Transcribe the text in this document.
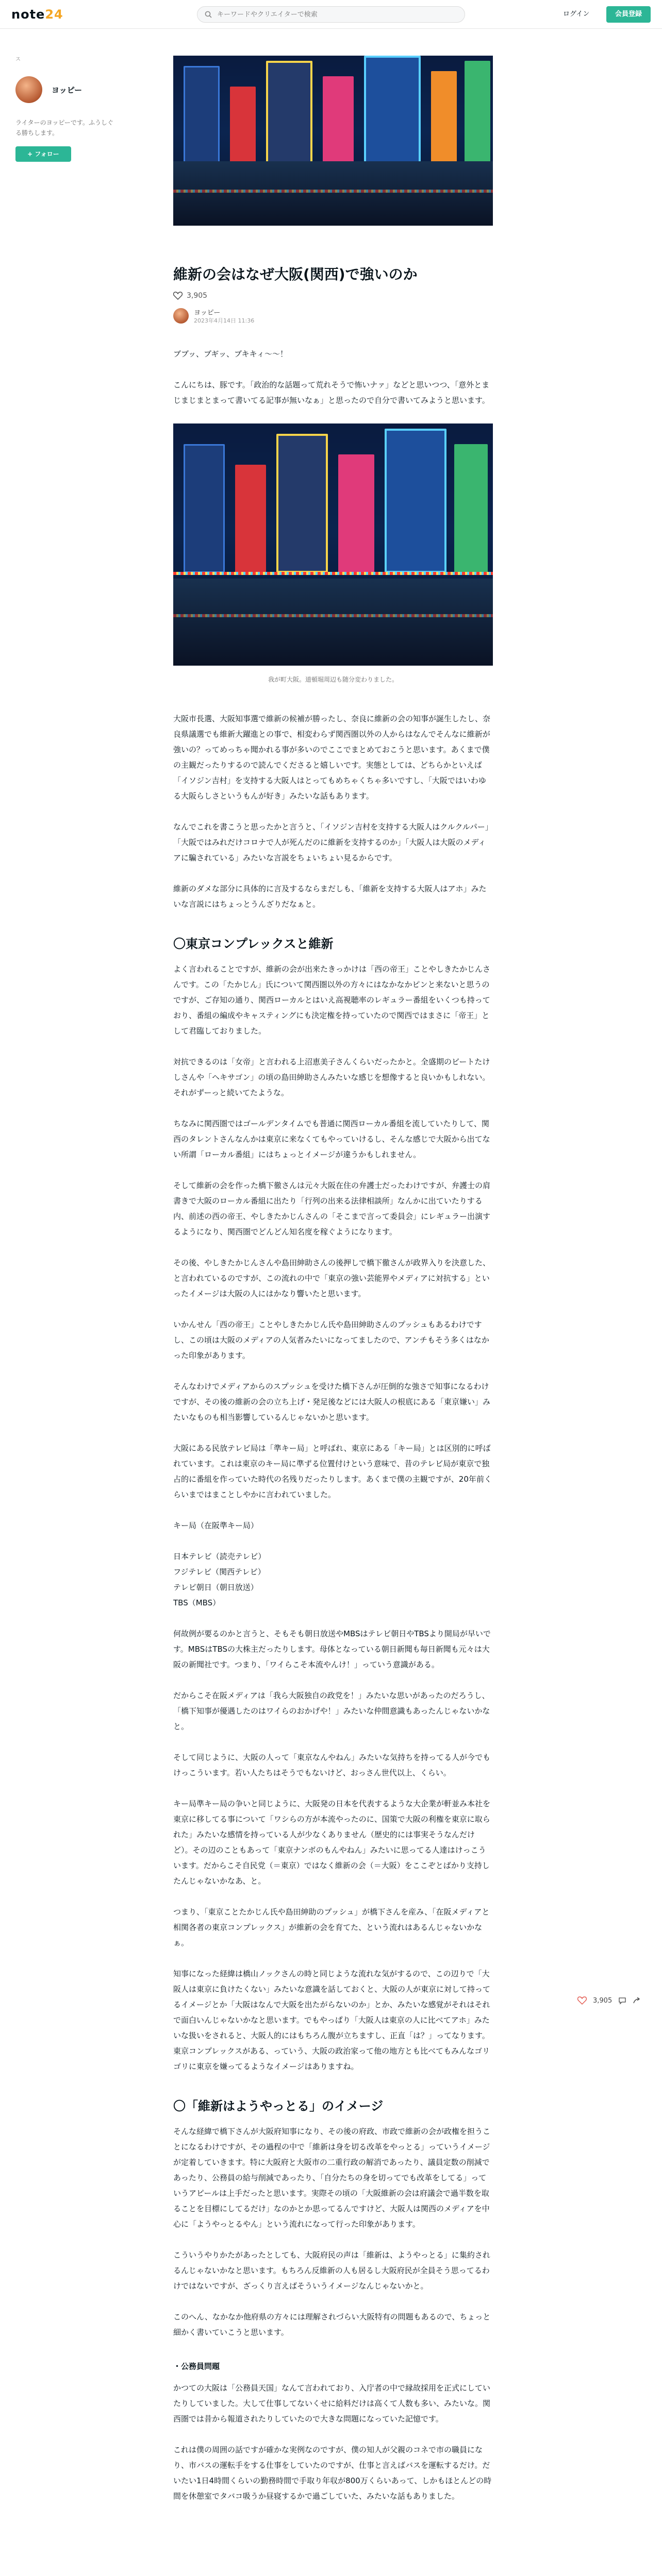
note24
キーワードやクリエイターで検索	ログイン	会員登録
ス
ヨッピー
ライターのヨッピーです。ふうしぐる勝ちします。
+ フォロー
維新の会はなぜ大阪(関西)で強いのか
3,905
ヨッピー
2023年4月14日 11:36

ブブッ、ブギッ、ブキキィ〜〜！

こんにちは、豚です。「政治的な話題って荒れそうで怖いナァ」などと思いつつ、「意外とまじまじまとまって書いてる記事が無いなぁ」と思ったので自分で書いてみようと思います。

我が町大阪。道頓堀周辺も随分変わりました。

大阪市長選、大阪知事選で維新の候補が勝ったし、奈良に維新の会の知事が誕生したし、奈良県議選でも維新大躍進との事で、相変わらず関西圏以外の人からはなんでそんなに維新が強いの？ってめっちゃ聞かれる事が多いのでここでまとめておこうと思います。あくまで僕の主観だったりするので読んでくださると嬉しいです。実態としては、どちらかといえば「イソジン吉村」を支持する大阪人はとってもめちゃくちゃ多いですし、「大阪ではいわゆる大阪らしさというもんが好き」みたいな話もあります。

なんでこれを書こうと思ったかと言うと、「イソジン吉村を支持する大阪人はクルクルパー」「大阪ではみれだけコロナで人が死んだのに維新を支持するのか」「大阪人は大阪のメディアに騙されている」みたいな言説をちょいちょい見るからです。

維新のダメな部分に具体的に言及するならまだしも、「維新を支持する大阪人はアホ」みたいな言説にはちょっとうんざりだなぁと。

〇東京コンプレックスと維新

よく言われることですが、維新の会が出来たきっかけは「西の帝王」ことやしきたかじんさんです。この「たかじん」氏について関西圏以外の方々にはなかなかピンと来ないと思うのですが、ご存知の通り、関西ローカルとはいえ高視聴率のレギュラー番組をいくつも持っており、番組の編成やキャスティングにも決定権を持っていたので関西ではまさに「帝王」として君臨しておりました。

対抗できるのは「女帝」と言われる上沼恵美子さんくらいだったかと。全盛期のビートたけしさんや「ヘキサゴン」の頃の島田紳助さんみたいな感じを想像すると良いかもしれない。それがずーっと続いてたような。

ちなみに関西圏ではゴールデンタイムでも普通に関西ローカル番組を流していたりして、関西のタレントさんなんかは東京に来なくてもやっていけるし、そんな感じで大阪から出てない所謂「ローカル番組」にはちょっとイメージが違うかもしれません。

そして維新の会を作った橋下徹さんは元々大阪在住の弁護士だったわけですが、弁護士の肩書きで大阪のローカル番組に出たり「行列の出来る法律相談所」なんかに出ていたりする内、前述の西の帝王、やしきたかじんさんの「そこまで言って委員会」にレギュラー出演するようになり、関西圏でどんどん知名度を稼ぐようになります。

その後、やしきたかじんさんや島田紳助さんの後押しで橋下徹さんが政界入りを決意した、と言われているのですが、この流れの中で「東京の強い芸能界やメディアに対抗する」といったイメージは大阪の人にはかなり響いたと思います。

いかんせん「西の帝王」ことやしきたかじん氏や島田紳助さんのプッシュもあるわけですし、この頃は大阪のメディアの人気者みたいになってましたので、アンチもそう多くはなかった印象があります。

そんなわけでメディアからのスプッシュを受けた橋下さんが圧倒的な強さで知事になるわけですが、その後の維新の会の立ち上げ・発足後などには大阪人の根底にある「東京嫌い」みたいなものも相当影響しているんじゃないかと思います。

大阪にある民放テレビ局は「準キー局」と呼ばれ、東京にある「キー局」とは区別的に呼ばれています。これは東京のキー局に準ずる位置付けという意味で、昔のテレビ局が東京で独占的に番組を作っていた時代の名残りだったりします。あくまで僕の主観ですが、20年前くらいまではまことしやかに言われていました。

キー局（在阪準キー局）

日本テレビ（読売テレビ）

フジテレビ（関西テレビ）

テレビ朝日（朝日放送）

TBS（MBS）

何故例が要るのかと言うと、そもそも朝日放送やMBSはテレビ朝日やTBSより開局が早いです。MBSはTBSの大株主だったりします。母体となっている朝日新聞も毎日新聞も元々は大阪の新聞社です。つまり、「ワイらこそ本流やんけ！」っていう意識がある。

だからこそ在阪メディアは「我ら大阪独自の政党を！」みたいな思いがあったのだろうし、「橋下知事が優遇したのはワイらのおかげや！」みたいな仲間意識もあったんじゃないかなと。

そして同じように、大阪の人って「東京なんやねん」みたいな気持ちを持ってる人が今でもけっこういます。若い人たちはそうでもないけど、おっさん世代以上、くらい。

キー局準キー局の争いと同じように、大阪発の日本を代表するような大企業が軒並み本社を東京に移してる事について「ワシらの方が本流やったのに、国策で大阪の利権を東京に取られた」みたいな感情を持っている人が少なくありません（歴史的には事実そうなんだけど）。その辺のこともあって「東京ナンボのもんやねん」みたいに思ってる人達はけっこういます。だからこそ自民党（＝東京）ではなく維新の会（＝大阪）をここぞとばかり支持したんじゃないかなあ、と。

つまり、「東京ことたかじん氏や島田紳助のプッシュ」が橋下さんを産み、「在阪メディアと相関各者の東京コンプレックス」が維新の会を育てた、という流れはあるんじゃないかなぁ。

知事になった経緯は橋山ノックさんの時と同じような流れな気がするので、この辺りで「大阪人は東京に負けたくない」みたいな意識を話しておくと、大阪の人が東京に対して持ってるイメージとか「大阪はなんで大阪を出たがらないのか」とか、みたいな感覚がそれはそれで面白いんじゃないかなと思います。でもやっぱり「大阪人は東京の人に比べてアホ」みたいな扱いをされると、大阪人的にはもちろん腹が立ちますし、正直「は？」ってなります。東京コンプレックスがある、っていう、大阪の政治家って他の地方とも比べてもみんなゴリゴリに東京を嫌ってるようなイメージはありますね。

〇「維新はようやっとる」のイメージ

そんな経緯で橋下さんが大阪府知事になり、その後の府政、市政で維新の会が政権を担うことになるわけですが、その過程の中で「維新は身を切る改革をやっとる」っていうイメージが定着していきます。特に大阪府と大阪市の二重行政の解消であったり、議員定数の削減であったり、公務員の給与削減であったり、「自分たちの身を切ってでも改革をしてる」っていうアピールは上手だったと思います。実際その頃の「大阪維新の会は府議会で過半数を取ることを目標にしてるだけ」なのかとか思ってるんですけど、大阪人は関西のメディアを中心に「ようやっとるやん」という流れになって行った印象があります。

こういうやりかたがあったとしても、大阪府民の声は「維新は、ようやっとる」に集約されるんじゃないかなと思います。もちろん反維新の人も居るし大阪府民が全員そう思ってるわけではないですが、ざっくり言えばそういうイメージなんじゃないかと。

このへん、なかなか他府県の方々には理解されづらい大阪特有の問題もあるので、ちょっと細かく書いていこうと思います。

・公務員問題

かつての大阪は「公務員天国」なんて言われており、入庁者の中で縁故採用を正式にしていたりしていました。大して仕事してないくせに給料だけは高くて人数も多い、みたいな。関西圏では昔から報道されたりしていたので大きな問題になっていた記憶です。

これは僕の周囲の話ですが確かな実例なのですが、僕の知人が父親のコネで市の職員になり、市バスの運転手をする仕事をしていたのですが、仕事と言えばバスを運転するだけ。だいたい1日4時間くらいの勤務時間で手取り年収が800万くらいあって、しかもほとんどの時間を休憩室でタバコ吸うか昼寝するかで過ごしていた、みたいな話もありました。

3,905
